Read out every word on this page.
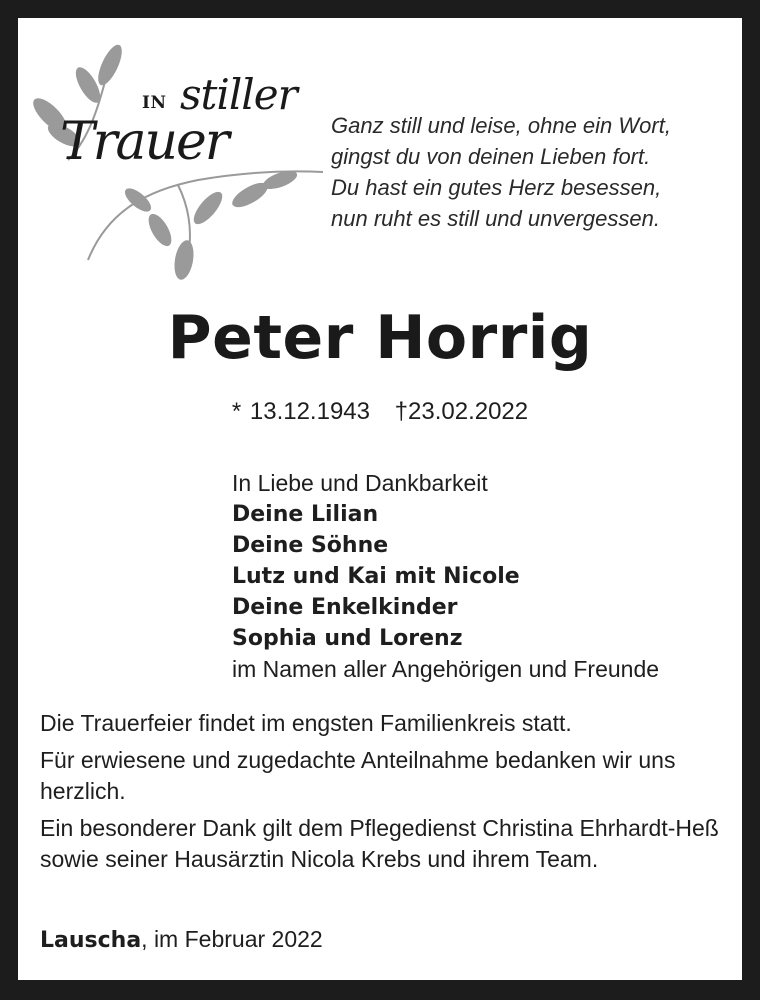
IN stiller
Trauer	Ganz still und leise, ohne ein Wort,
gingst du von deinen Lieben fort.
Du hast ein gutes Herz besessen,
nun ruht es still und unvergessen.
Peter Horrig
* 13.12.1943 †23.02.2022
In Liebe und Dankbarkeit
Deine Lilian
Deine Söhne
Lutz und Kai mit Nicole
Deine Enkelkinder
Sophia und Lorenz
im Namen aller Angehörigen und Freunde

Die Trauerfeier findet im engsten Familienkreis statt.

Für erwiesene und zugedachte Anteilnahme bedanken wir uns herzlich.

Ein besonderer Dank gilt dem Pflegedienst Christina Ehrhardt-Heß sowie seiner Hausärztin Nicola Krebs und ihrem Team.

Lauscha, im Februar 2022
